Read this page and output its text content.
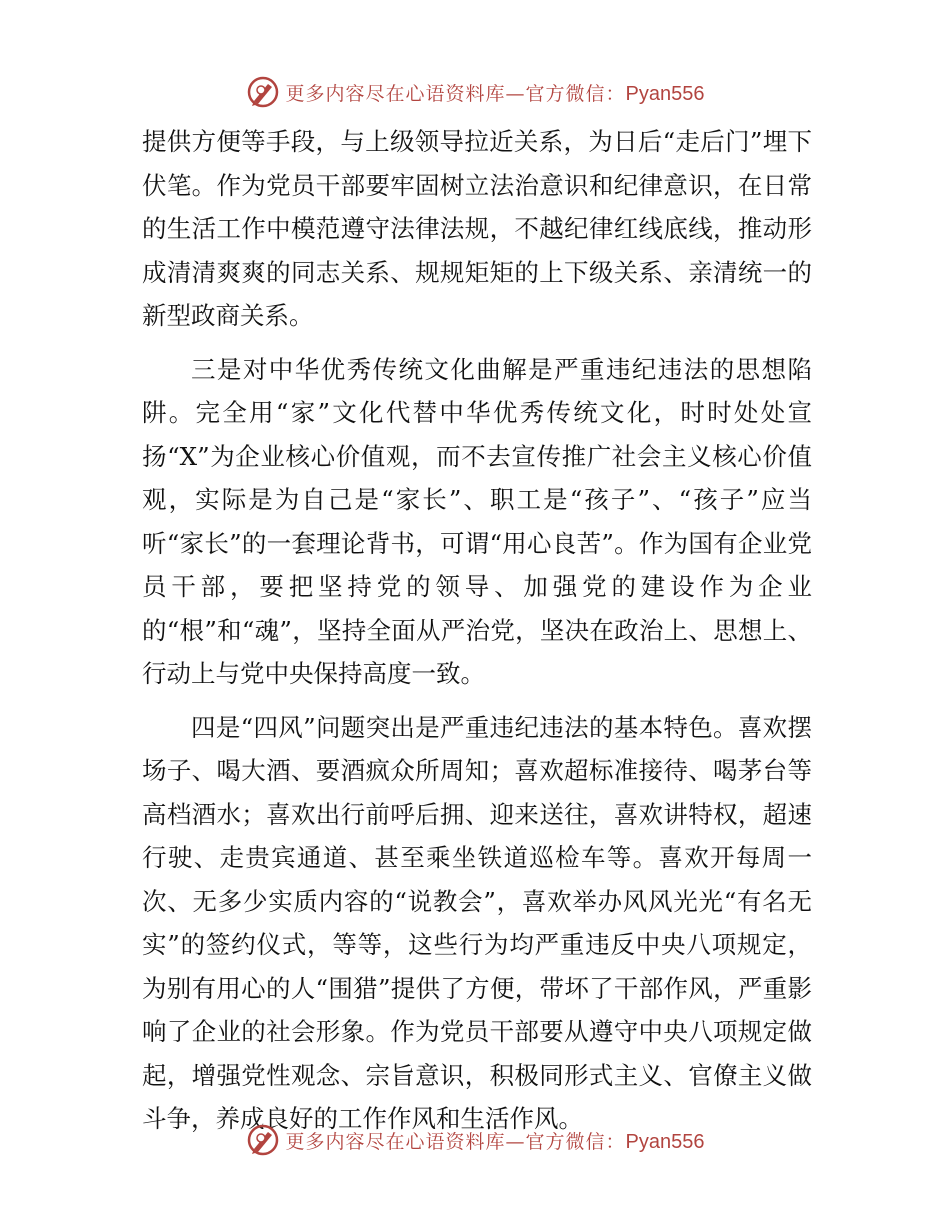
更多内容尽在心语资料库—官方微信：Pyan556

提供方便等手段，与上级领导拉近关系，为日后“走后门”埋下伏笔。作为党员干部要牢固树立法治意识和纪律意识，在日常的生活工作中模范遵守法律法规，不越纪律红线底线，推动形成清清爽爽的同志关系、规规矩矩的上下级关系、亲清统一的新型政商关系。

三是对中华优秀传统文化曲解是严重违纪违法的思想陷阱。完全用“家”文化代替中华优秀传统文化，时时处处宣扬“X”为企业核心价值观，而不去宣传推广社会主义核心价值观，实际是为自己是“家长”、职工是“孩子”、“孩子”应当听“家长”的一套理论背书，可谓“用心良苦”。作为国有企业党员干部，要把坚持党的领导、加强党的建设作为企业的“根”和“魂”，坚持全面从严治党，坚决在政治上、思想上、行动上与党中央保持高度一致。

四是“四风”问题突出是严重违纪违法的基本特色。喜欢摆场子、喝大酒、要酒疯众所周知；喜欢超标准接待、喝茅台等高档酒水；喜欢出行前呼后拥、迎来送往，喜欢讲特权，超速行驶、走贵宾通道、甚至乘坐铁道巡检车等。喜欢开每周一次、无多少实质内容的“说教会”，喜欢举办风风光光“有名无实”的签约仪式，等等，这些行为均严重违反中央八项规定，为别有用心的人“围猎”提供了方便，带坏了干部作风，严重影响了企业的社会形象。作为党员干部要从遵守中央八项规定做起，增强党性观念、宗旨意识，积极同形式主义、官僚主义做斗争，养成良好的工作作风和生活作风。

更多内容尽在心语资料库—官方微信：Pyan556
